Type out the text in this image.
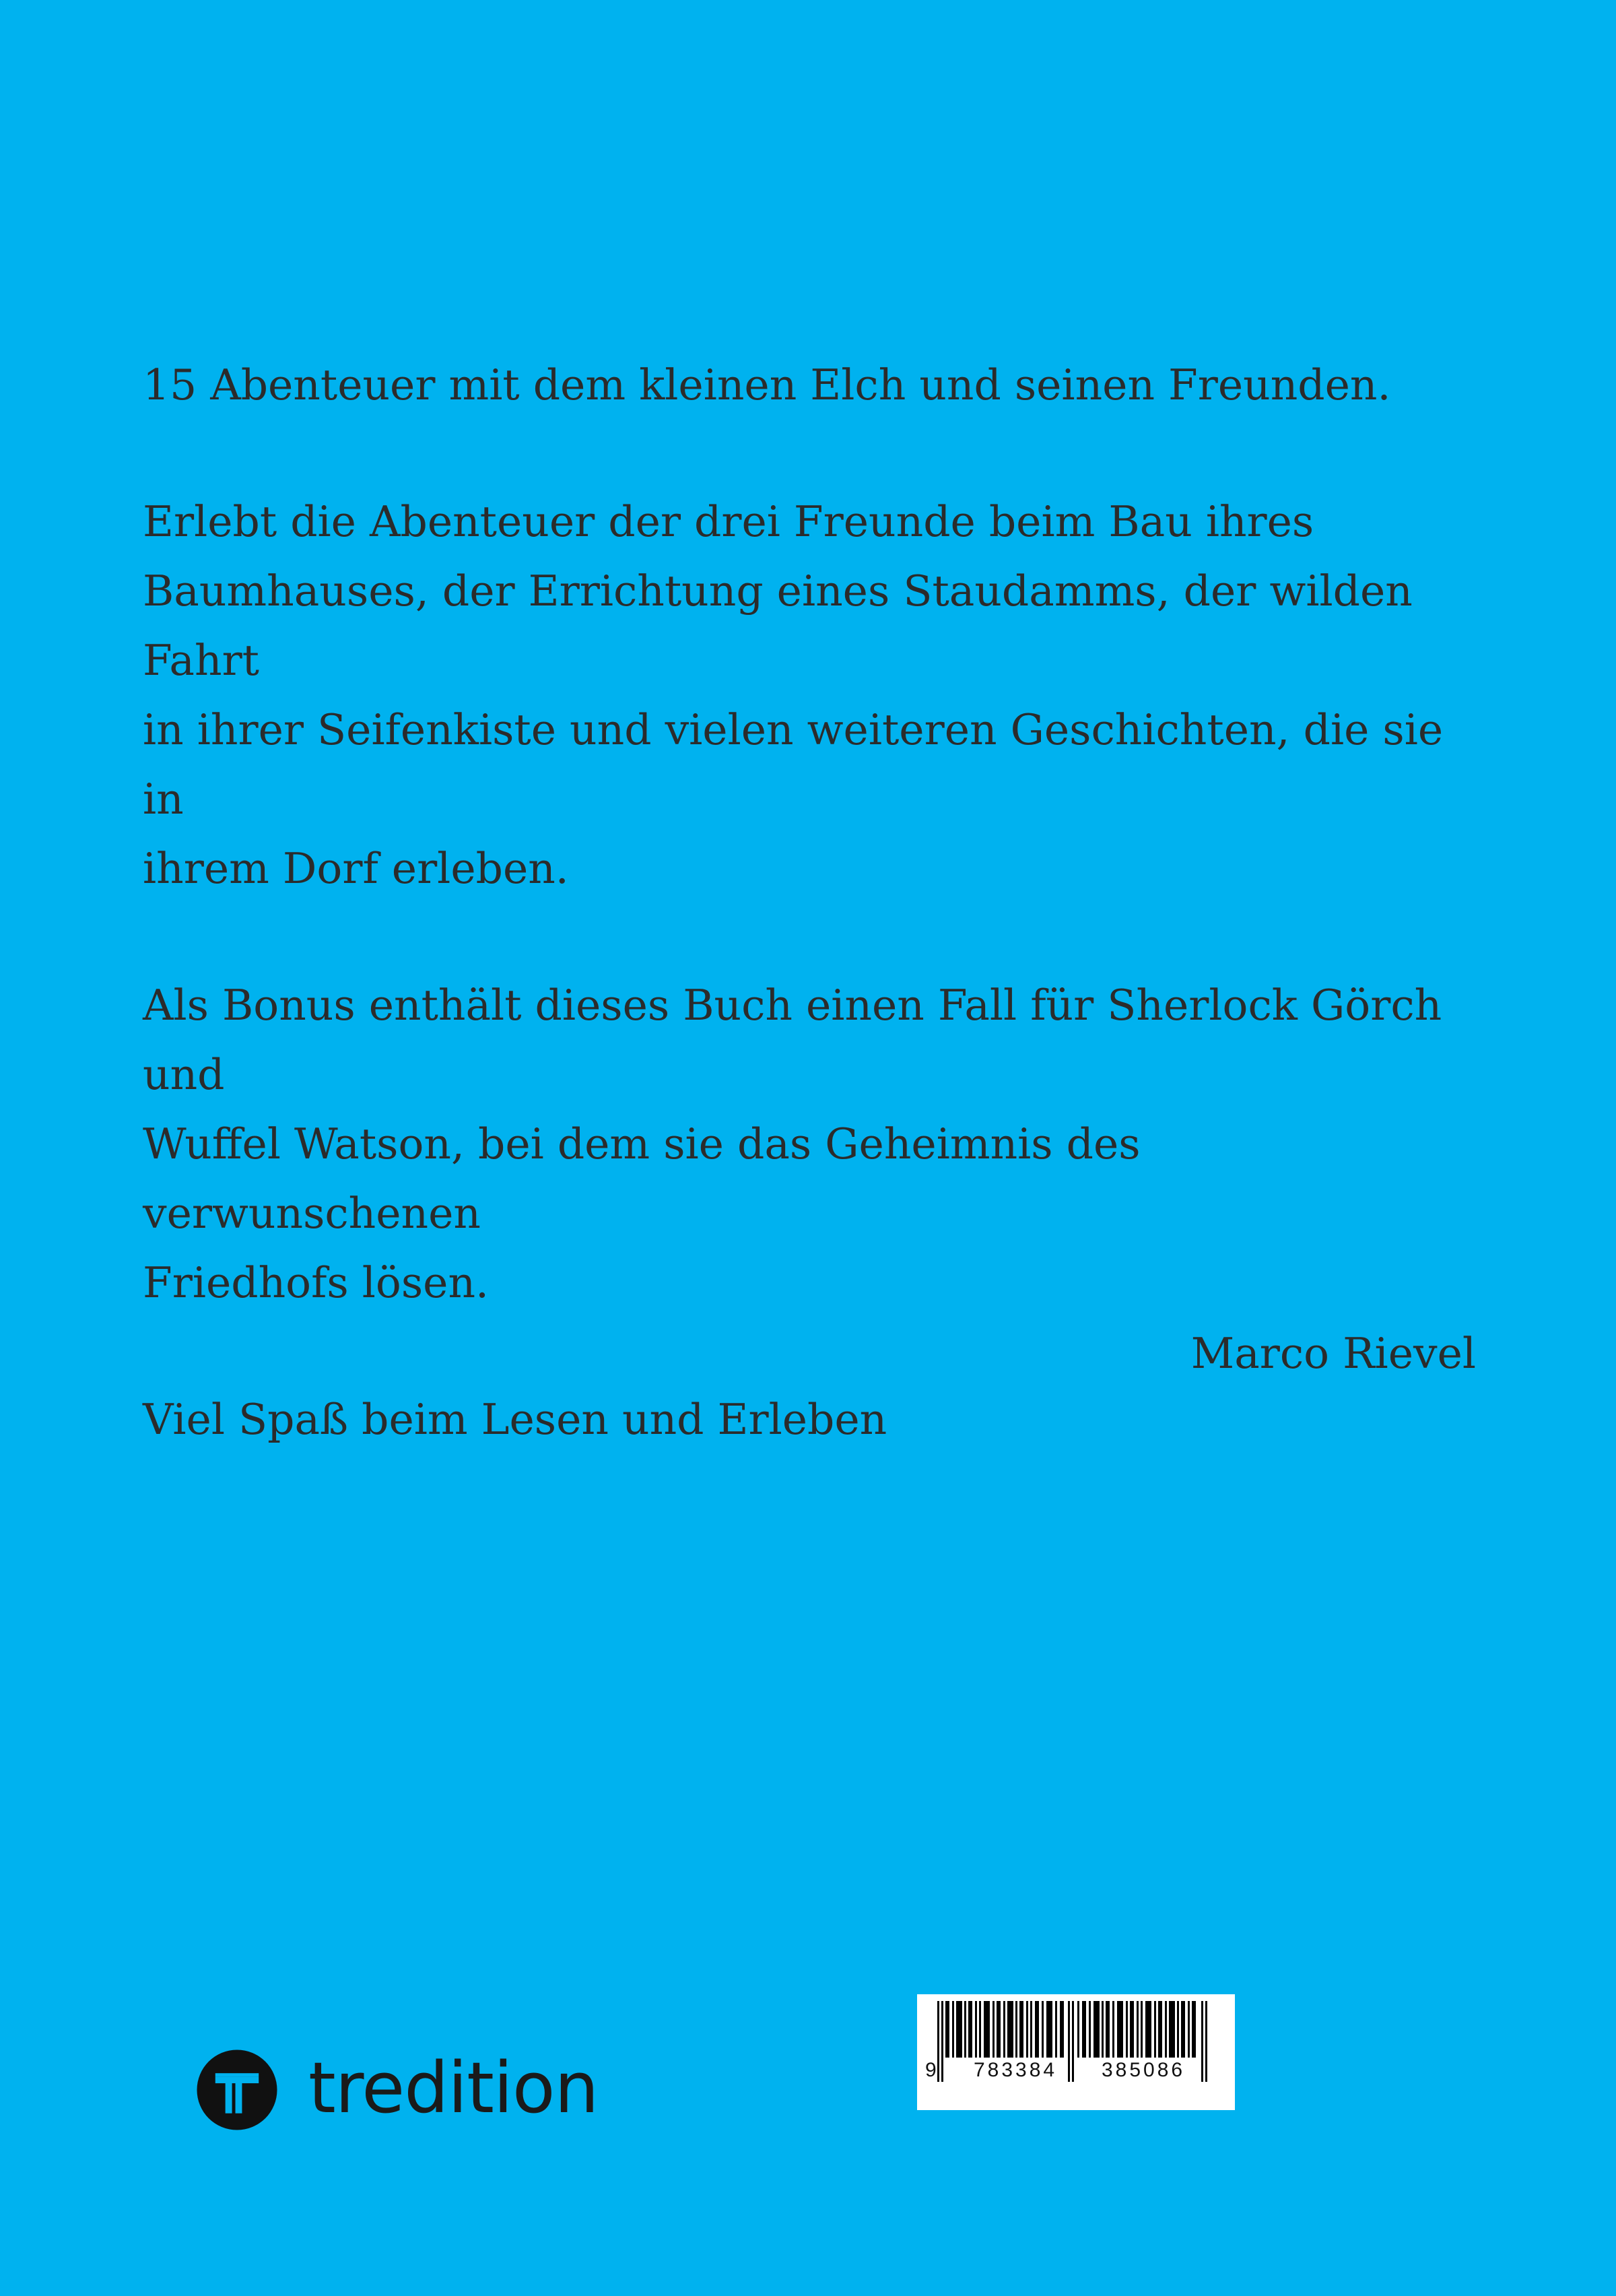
15 Abenteuer mit dem kleinen Elch und seinen Freunden.

Erlebt die Abenteuer der drei Freunde beim Bau ihres

Baumhauses, der Errichtung eines Staudamms, der wilden Fahrt

in ihrer Seifenkiste und vielen weiteren Geschichten, die sie in

ihrem Dorf erleben.

Als Bonus enthält dieses Buch einen Fall für Sherlock Görch und

Wuffel Watson, bei dem sie das Geheimnis des verwunschenen

Friedhofs lösen.

Viel Spaß beim Lesen und Erleben

Marco Rievel
tredition

	9

783384

385086
